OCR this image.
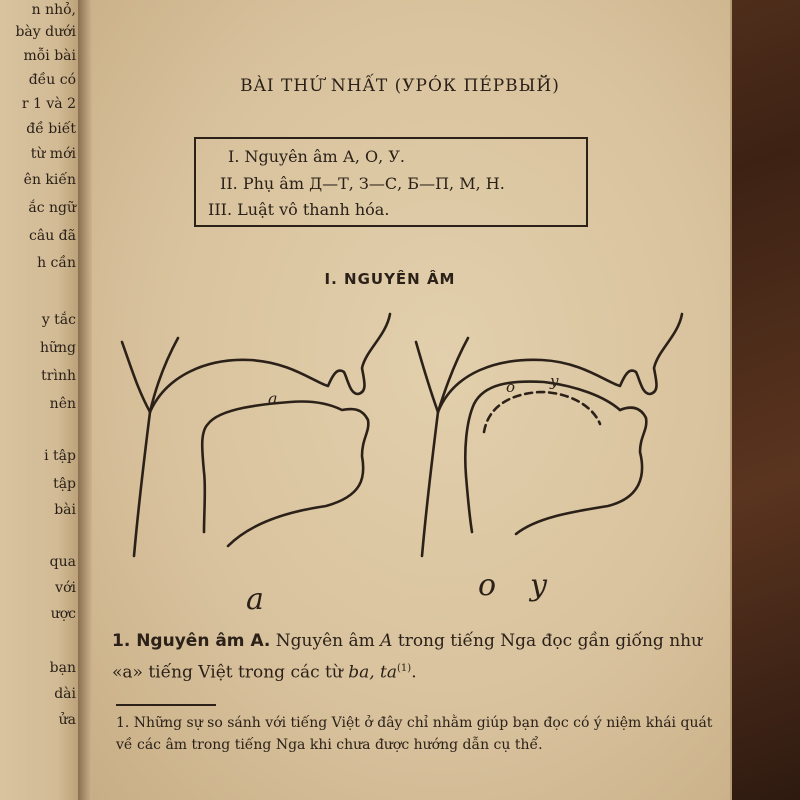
n nhỏ,
bày dưới
mỗi bài
đều có
r 1 và 2
đề biết
từ mới
ên kiến
ắc ngữ
câu đã
h cần
y tắc
hững
trình
nên
i tập
tập
bài
qua
với
ược
bạn
dài
ửa
BÀI THỨ NHẤT (УРÓК ПÉРВЫЙ)
I. Nguyên âm А, О, У.
II. Phụ âm Д—Т, З—С, Б—П, М, Н.
III. Luật vô thanh hóa.
I. NGUYÊN ÂM
a
o y
a	o y
1. Nguyên âm A. Nguyên âm A trong tiếng Nga đọc gần giống như «a» tiếng Việt trong các từ ba, $ta^{(1)}$.
1. Những sự so sánh với tiếng Việt ở đây chỉ nhằm giúp bạn đọc có ý niệm khái quát về các âm trong tiếng Nga khi chưa được hướng dẫn cụ thể.
